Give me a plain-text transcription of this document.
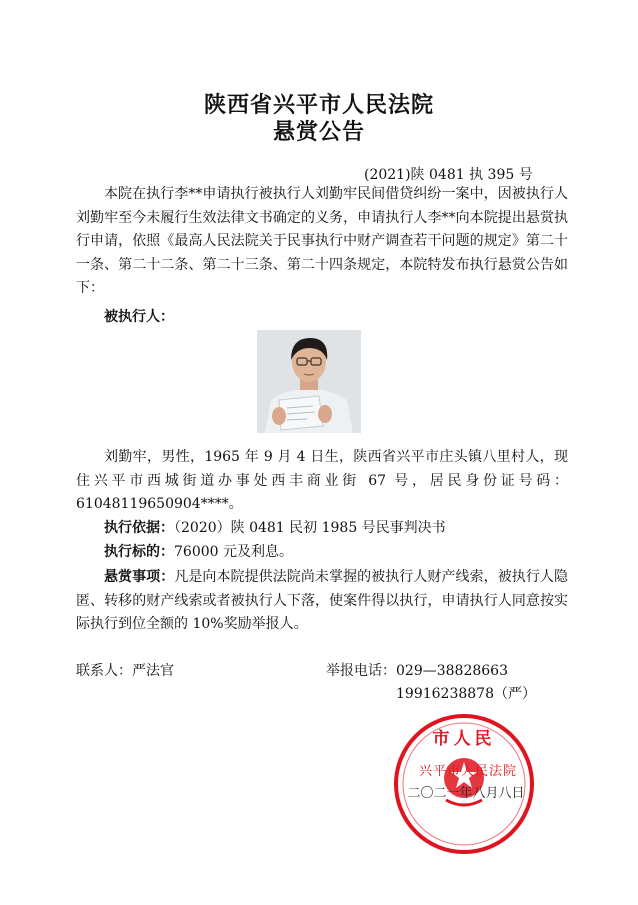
陕西省兴平市人民法院
悬赏公告
(2021)陕 0481 执 395 号
本院在执行李**申请执行被执行人刘勤牢民间借贷纠纷一案中，因被执行人刘勤牢至今未履行生效法律文书确定的义务，申请执行人李**向本院提出悬赏执行申请，依照《最高人民法院关于民事执行中财产调查若干问题的规定》第二十一条、第二十二条、第二十三条、第二十四条规定，本院特发布执行悬赏公告如下：
被执行人：
刘勤牢，男性，1965 年 9 月 4 日生，陕西省兴平市庄头镇八里村人，现住兴平市西城街道办事处西丰商业街 67 号，居民身份证号码：61048119650904****。
执行依据：（2020）陕 0481 民初 1985 号民事判决书
执行标的：76000 元及利息。
悬赏事项：凡是向本院提供法院尚未掌握的被执行人财产线索，被执行人隐匿、转移的财产线索或者被执行人下落，使案件得以执行，申请执行人同意按实际执行到位全额的 10%奖励举报人。
联系人：严法官	举报电话：029—38828663
19916238878（严）
市人民
兴平市人民法院
二〇二一年八月八日
